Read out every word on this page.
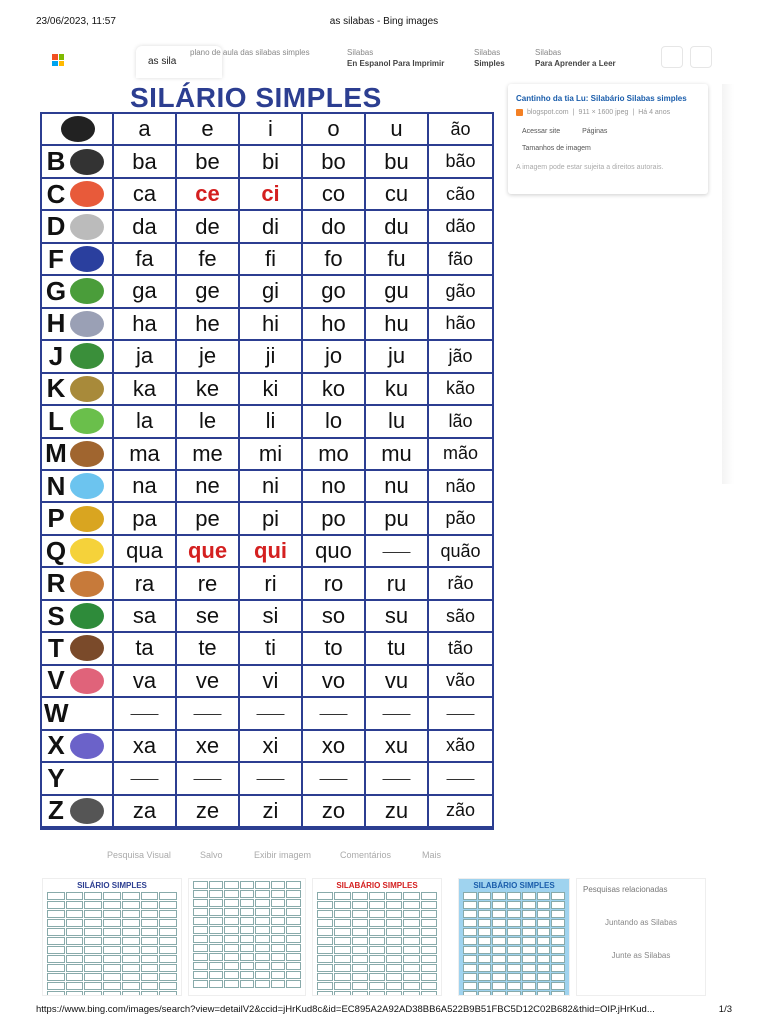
23/06/2023, 11:57	as silabas - Bing images
as sila
plano de aula das silabas simples	Silabas
En Espanol Para Imprimir
Silabas
Simples
Silabas
Para Aprender a Leer
SILÁRIO SIMPLES
a	e	i	o	u	ão
B	ba	be	bi	bo	bu	bão
C	ca	ce	ci	co	cu	cão
D	da	de	di	do	du	dão
F	fa	fe	fi	fo	fu	fão
G	ga	ge	gi	go	gu	gão
H	ha	he	hi	ho	hu	hão
J	ja	je	ji	jo	ju	jão
K	ka	ke	ki	ko	ku	kão
L	la	le	li	lo	lu	lão
M	ma	me	mi	mo	mu	mão
N	na	ne	ni	no	nu	não
P	pa	pe	pi	po	pu	pão
Q	qua	que	qui	quo	——	quão
R	ra	re	ri	ro	ru	rão
S	sa	se	si	so	su	são
T	ta	te	ti	to	tu	tão
V	va	ve	vi	vo	vu	vão
W	——	——	——	——	——	——
X	xa	xe	xi	xo	xu	xão
Y	——	——	——	——	——	——
Z	za	ze	zi	zo	zu	zão
Cantinho da tia Lu: Silabário Silabas simples
blogspot.com | 911 × 1600 jpeg | Há 4 anos
Acessar site	Páginas
Tamanhos de imagem
A imagem pode estar sujeita a direitos autorais.
Pesquisa Visual	Salvo	Exibir imagem	Comentários	Mais
SILÁRIO SIMPLES	SILABÁRIO SIMPLES	SILABÁRIO SIMPLES	Pesquisas relacionadas
Juntando as Silabas
Junte as Silabas
https://www.bing.com/images/search?view=detailV2&ccid=jHrKud8c&id=EC895A2A92AD38BB6A522B9B51FBC5D12C02B682&thid=OIP.jHrKud...	1/3
